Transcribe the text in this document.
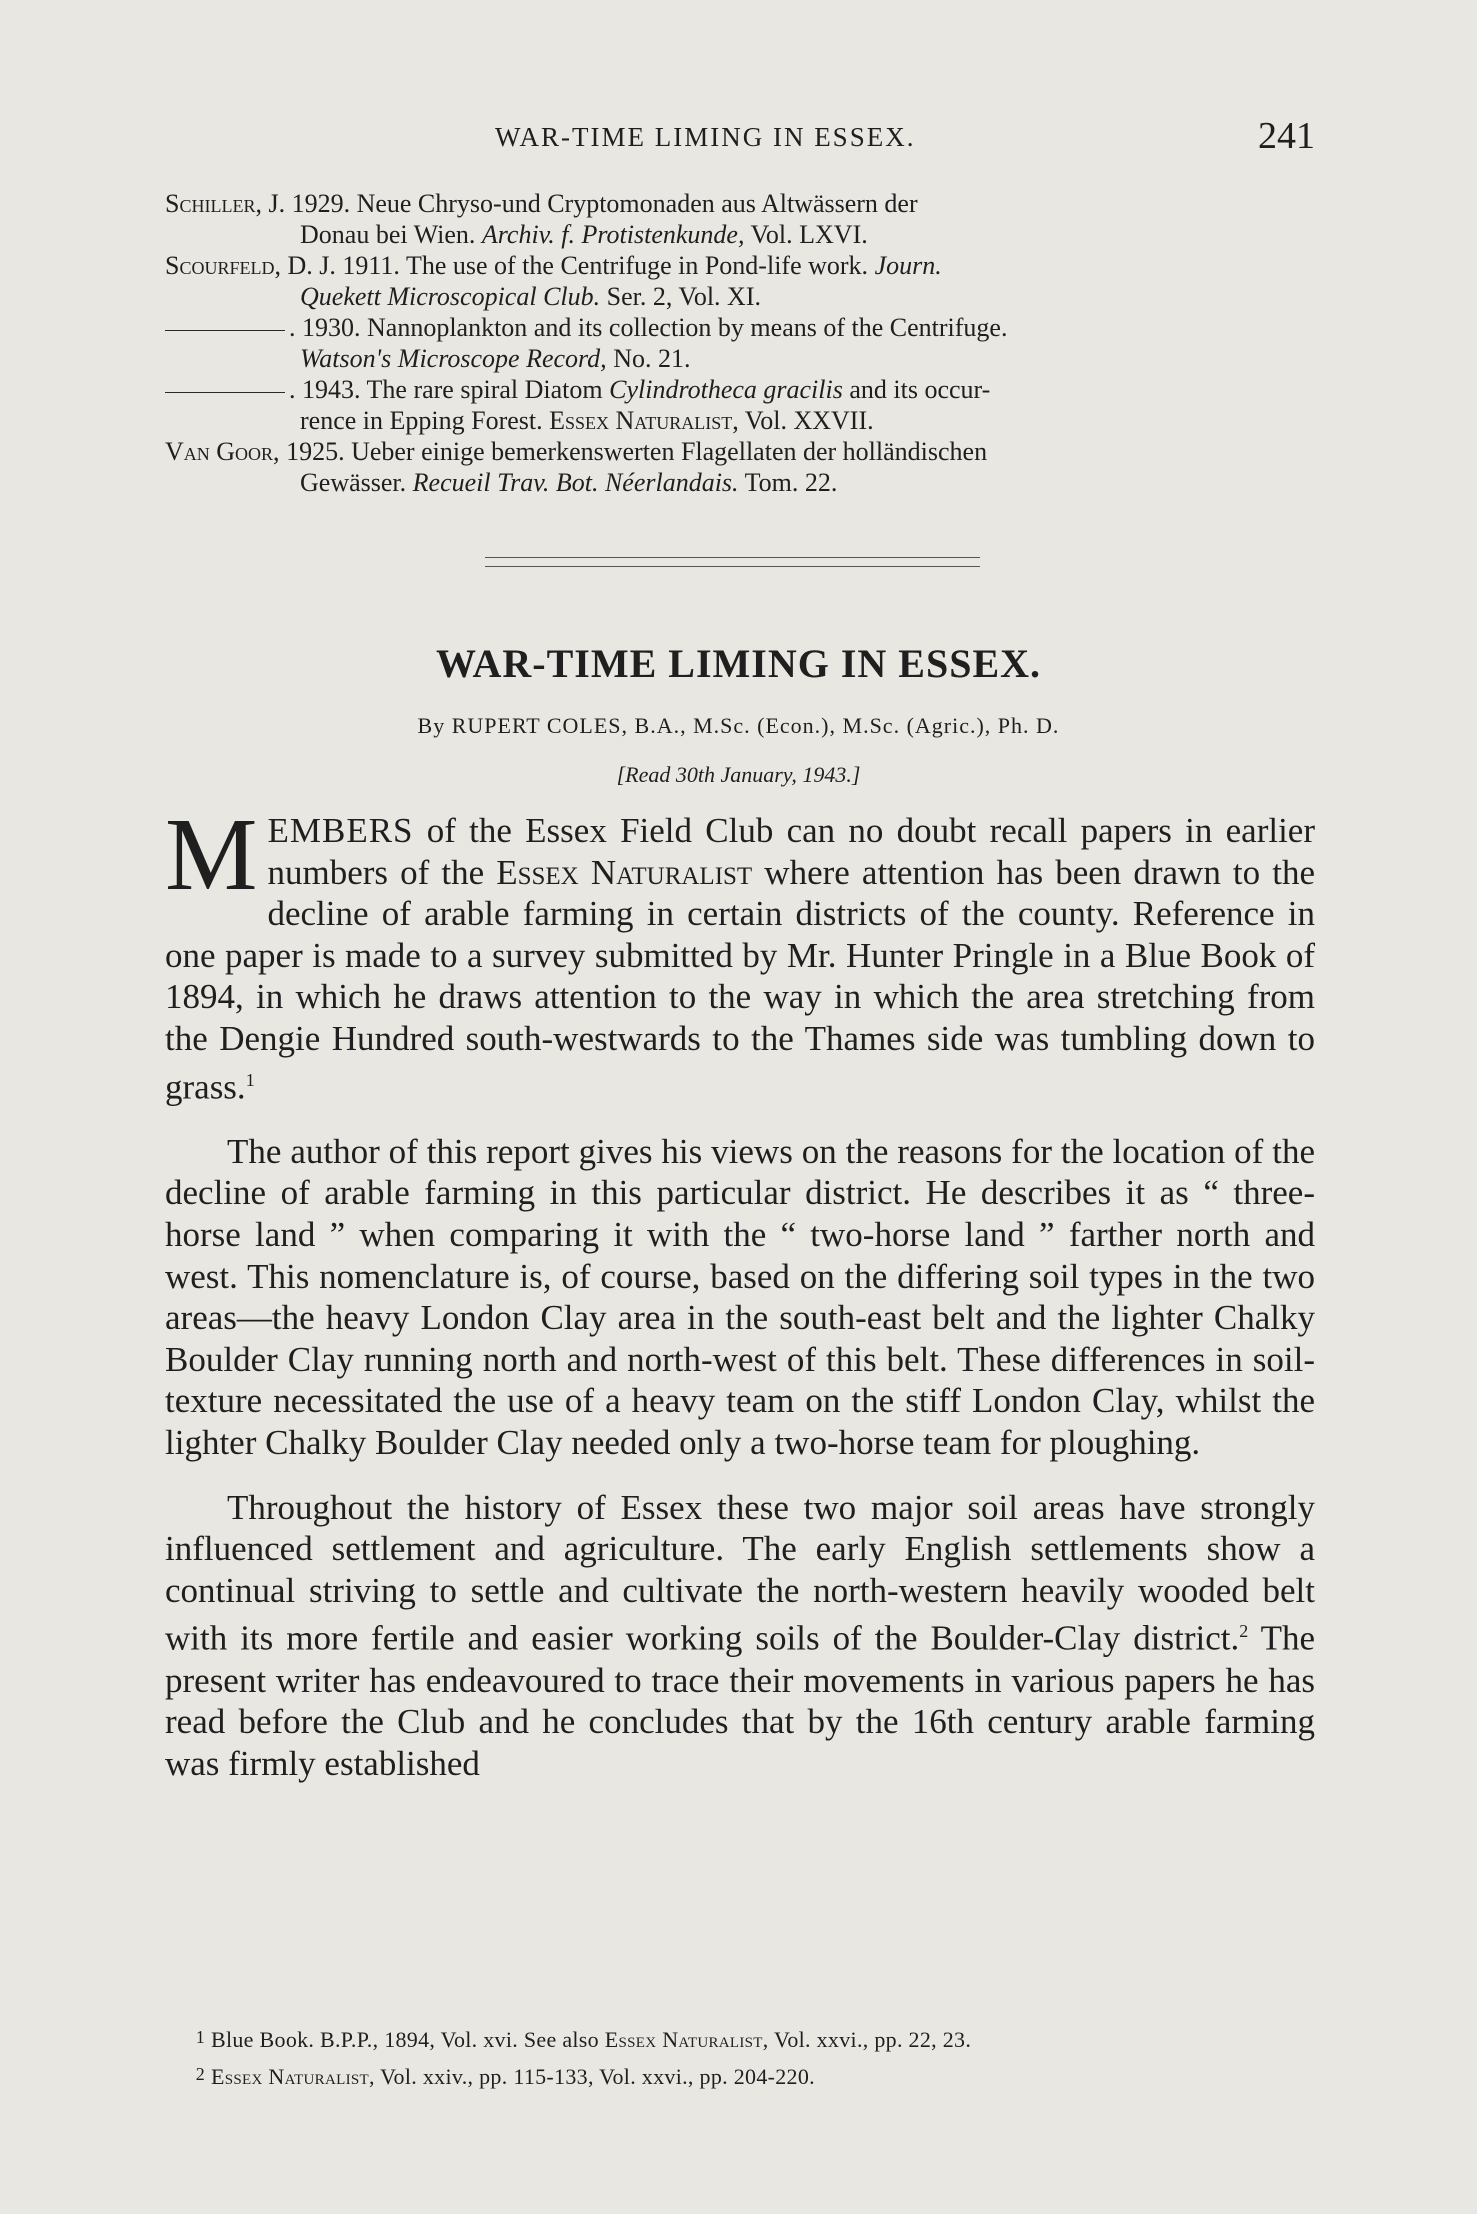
WAR-TIME LIMING IN ESSEX.	241

Schiller, J. 1929. Neue Chryso-und Cryptomonaden aus Altwässern der
Donau bei Wien. Archiv. f. Protistenkunde, Vol. LXVI.

Scourfeld, D. J. 1911. The use of the Centrifuge in Pond-life work. Journ.
Quekett Microscopical Club. Ser. 2, Vol. XI.

. 1930. Nannoplankton and its collection by means of the Centrifuge.
Watson's Microscope Record, No. 21.

. 1943. The rare spiral Diatom Cylindrotheca gracilis and its occur-
rence in Epping Forest. Essex Naturalist, Vol. XXVII.

Van Goor, 1925. Ueber einige bemerkenswerten Flagellaten der holländischen
Gewässer. Recueil Trav. Bot. Néerlandais. Tom. 22.

WAR-TIME LIMING IN ESSEX.
By RUPERT COLES, B.A., M.Sc. (Econ.), M.Sc. (Agric.), Ph. D.
[Read 30th January, 1943.]

MEMBERS of the Essex Field Club can no doubt recall papers in earlier numbers of the Essex Naturalist where attention has been drawn to the decline of arable farming in certain districts of the county. Reference in one paper is made to a survey submitted by Mr. Hunter Pringle in a Blue Book of 1894, in which he draws attention to the way in which the area stretching from the Dengie Hundred south-westwards to the Thames side was tumbling down to grass.$^1$

The author of this report gives his views on the reasons for the location of the decline of arable farming in this particular district. He describes it as “ three-horse land ” when comparing it with the “ two-horse land ” farther north and west. This nomenclature is, of course, based on the differing soil types in the two areas—the heavy London Clay area in the south-east belt and the lighter Chalky Boulder Clay running north and north-west of this belt. These differences in soil-texture necessitated the use of a heavy team on the stiff London Clay, whilst the lighter Chalky Boulder Clay needed only a two-horse team for ploughing.

Throughout the history of Essex these two major soil areas have strongly influenced settlement and agriculture. The early English settlements show a continual striving to settle and cultivate the north-western heavily wooded belt with its more fertile and easier working soils of the Boulder-Clay district.$^2$ The present writer has endeavoured to trace their movements in various papers he has read before the Club and he concludes that by the 16th century arable farming was firmly established

1 Blue Book. B.P.P., 1894, Vol. xvi. See also Essex Naturalist, Vol. xxvi., pp. 22, 23.

2 Essex Naturalist, Vol. xxiv., pp. 115-133, Vol. xxvi., pp. 204-220.
